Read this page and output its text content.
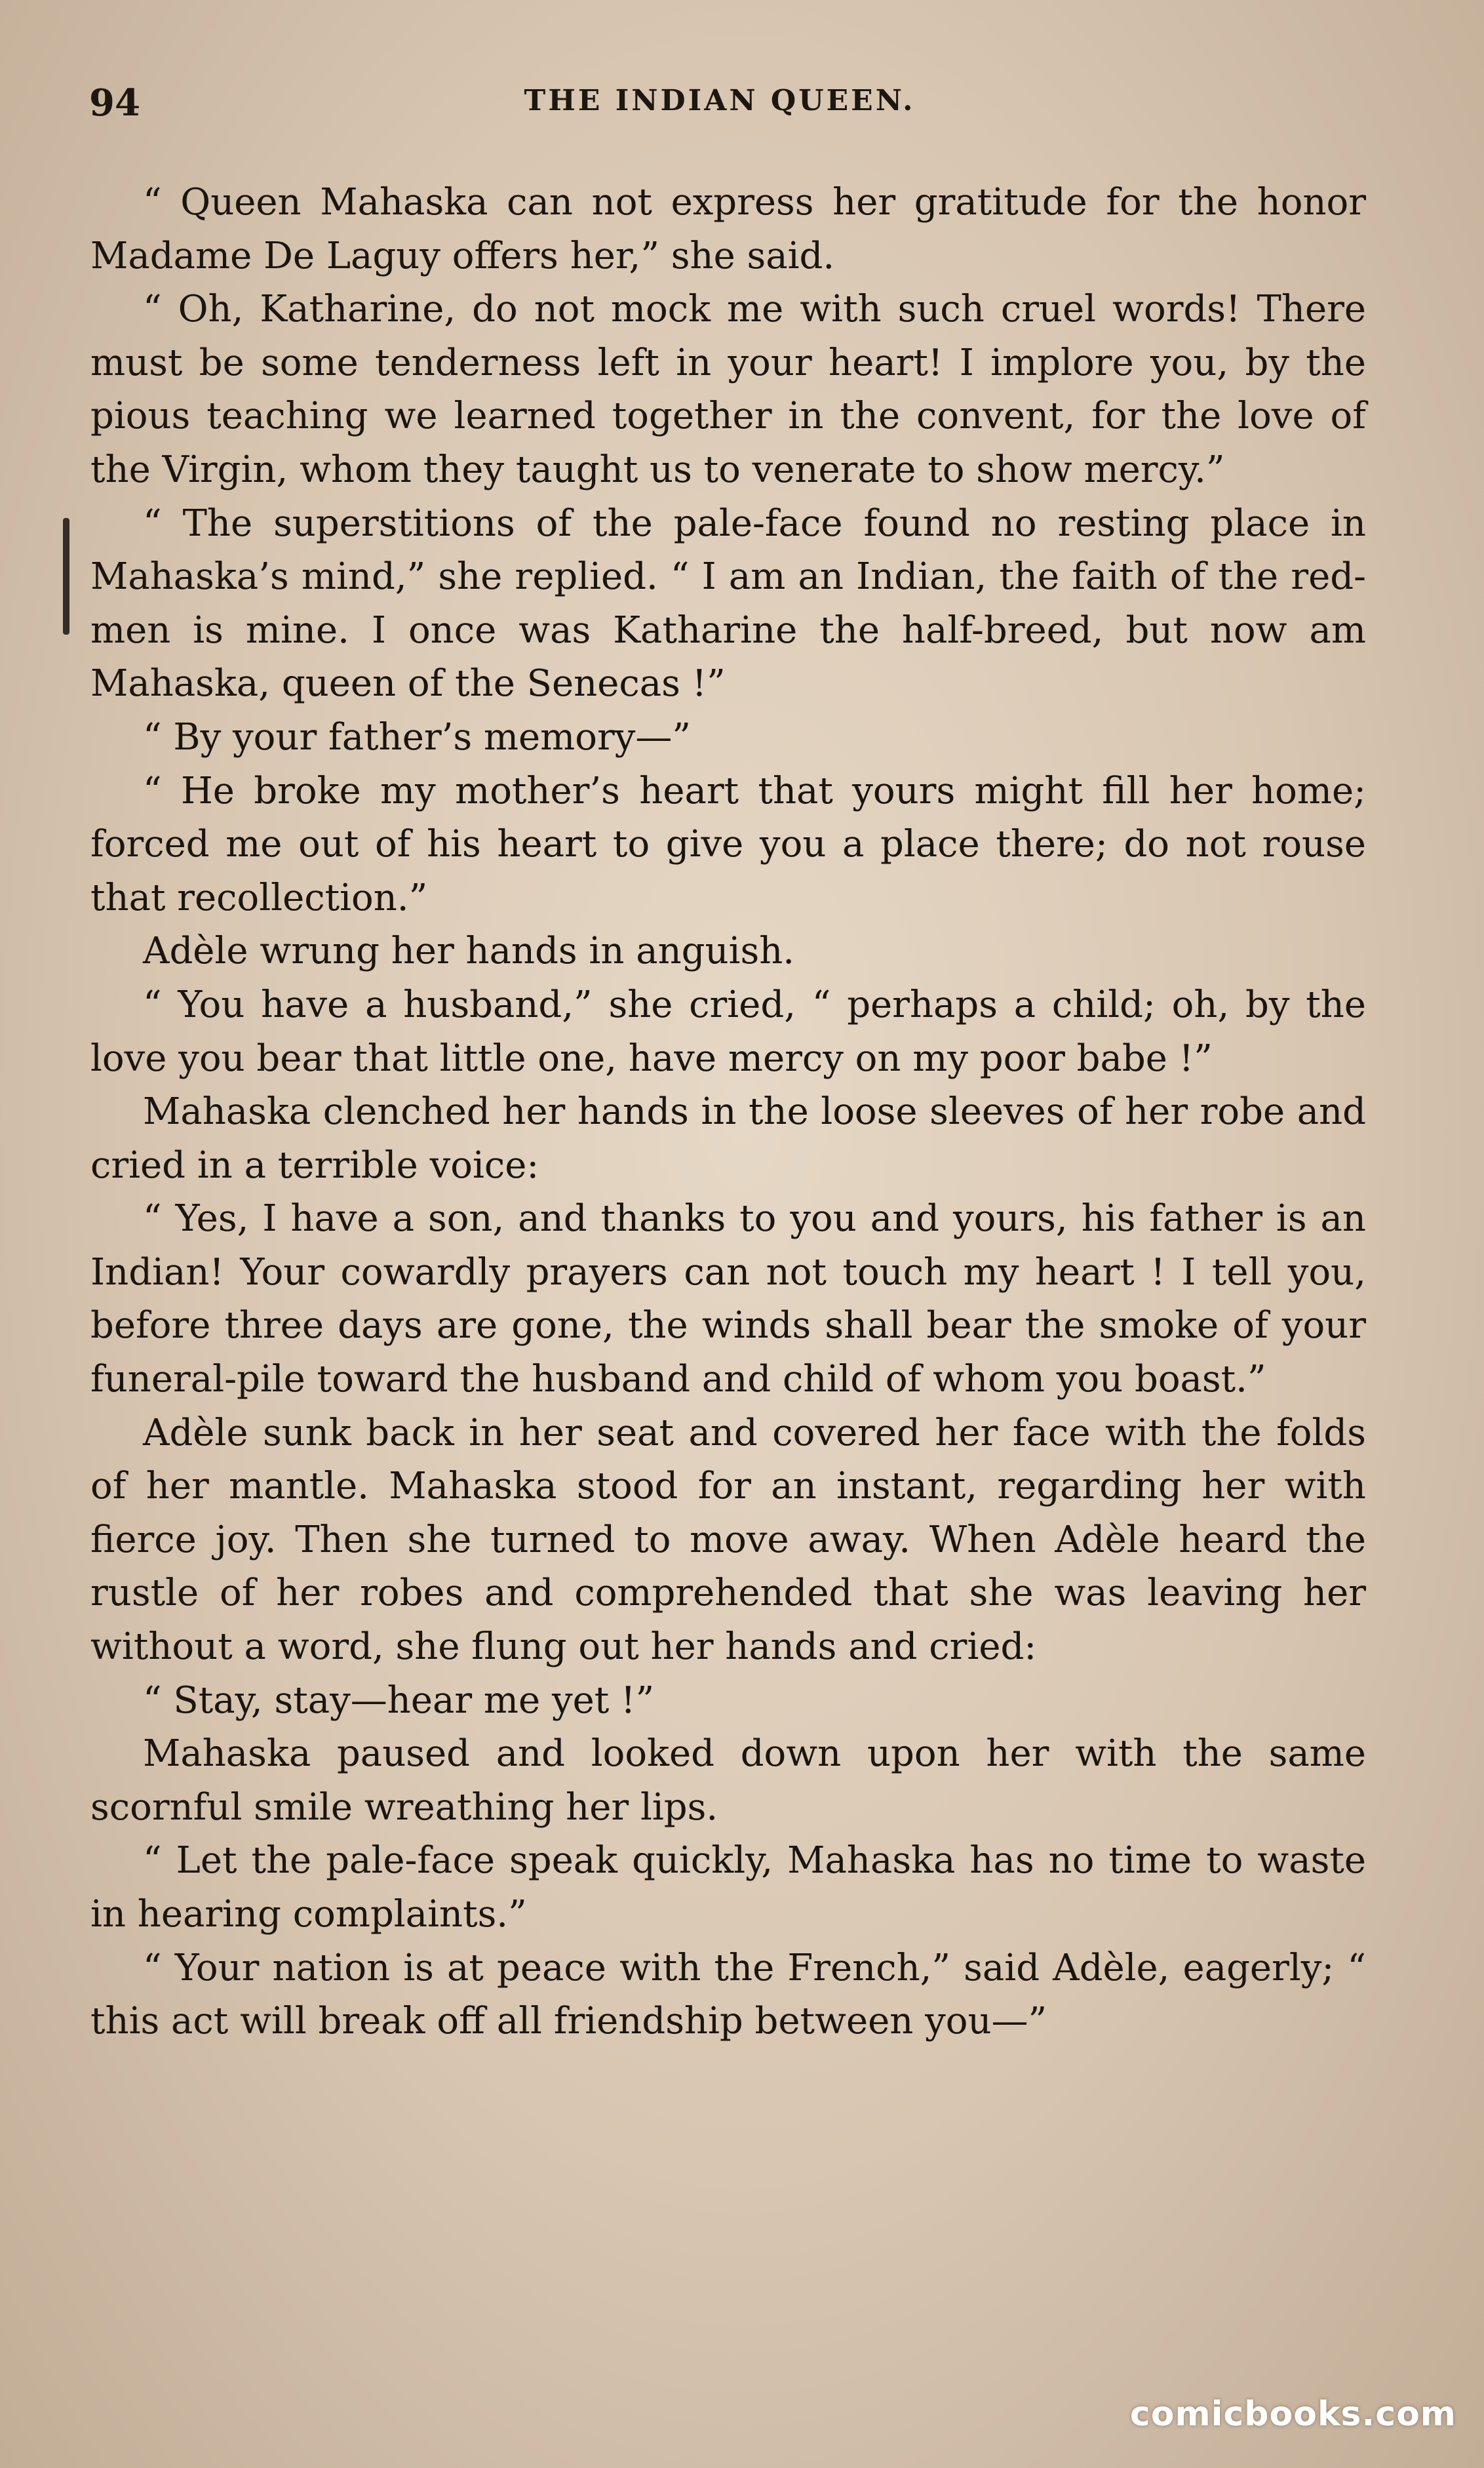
94	THE INDIAN QUEEN.

“ Queen Mahaska can not express her gratitude for the honor Madame De Laguy offers her,” she said.

“ Oh, Katharine, do not mock me with such cruel words! There must be some tenderness left in your heart! I implore you, by the pious teaching we learned together in the convent, for the love of the Virgin, whom they taught us to venerate to show mercy.”

“ The superstitions of the pale-face found no resting place in Mahaska’s mind,” she replied. “ I am an Indian, the faith of the red-men is mine. I once was Katharine the half-breed, but now am Mahaska, queen of the Senecas !”

“ By your father’s memory—”

“ He broke my mother’s heart that yours might fill her home; forced me out of his heart to give you a place there; do not rouse that recollection.”

Adèle wrung her hands in anguish.

“ You have a husband,” she cried, “ perhaps a child; oh, by the love you bear that little one, have mercy on my poor babe !”

Mahaska clenched her hands in the loose sleeves of her robe and cried in a terrible voice:

“ Yes, I have a son, and thanks to you and yours, his father is an Indian! Your cowardly prayers can not touch my heart ! I tell you, before three days are gone, the winds shall bear the smoke of your funeral-pile toward the husband and child of whom you boast.”

Adèle sunk back in her seat and covered her face with the folds of her mantle. Mahaska stood for an instant, regarding her with fierce joy. Then she turned to move away. When Adèle heard the rustle of her robes and comprehended that she was leaving her without a word, she flung out her hands and cried:

“ Stay, stay—hear me yet !”

Mahaska paused and looked down upon her with the same scornful smile wreathing her lips.

“ Let the pale-face speak quickly, Mahaska has no time to waste in hearing complaints.”

“ Your nation is at peace with the French,” said Adèle, eagerly; “ this act will break off all friendship between you—”

comicbooks.com
